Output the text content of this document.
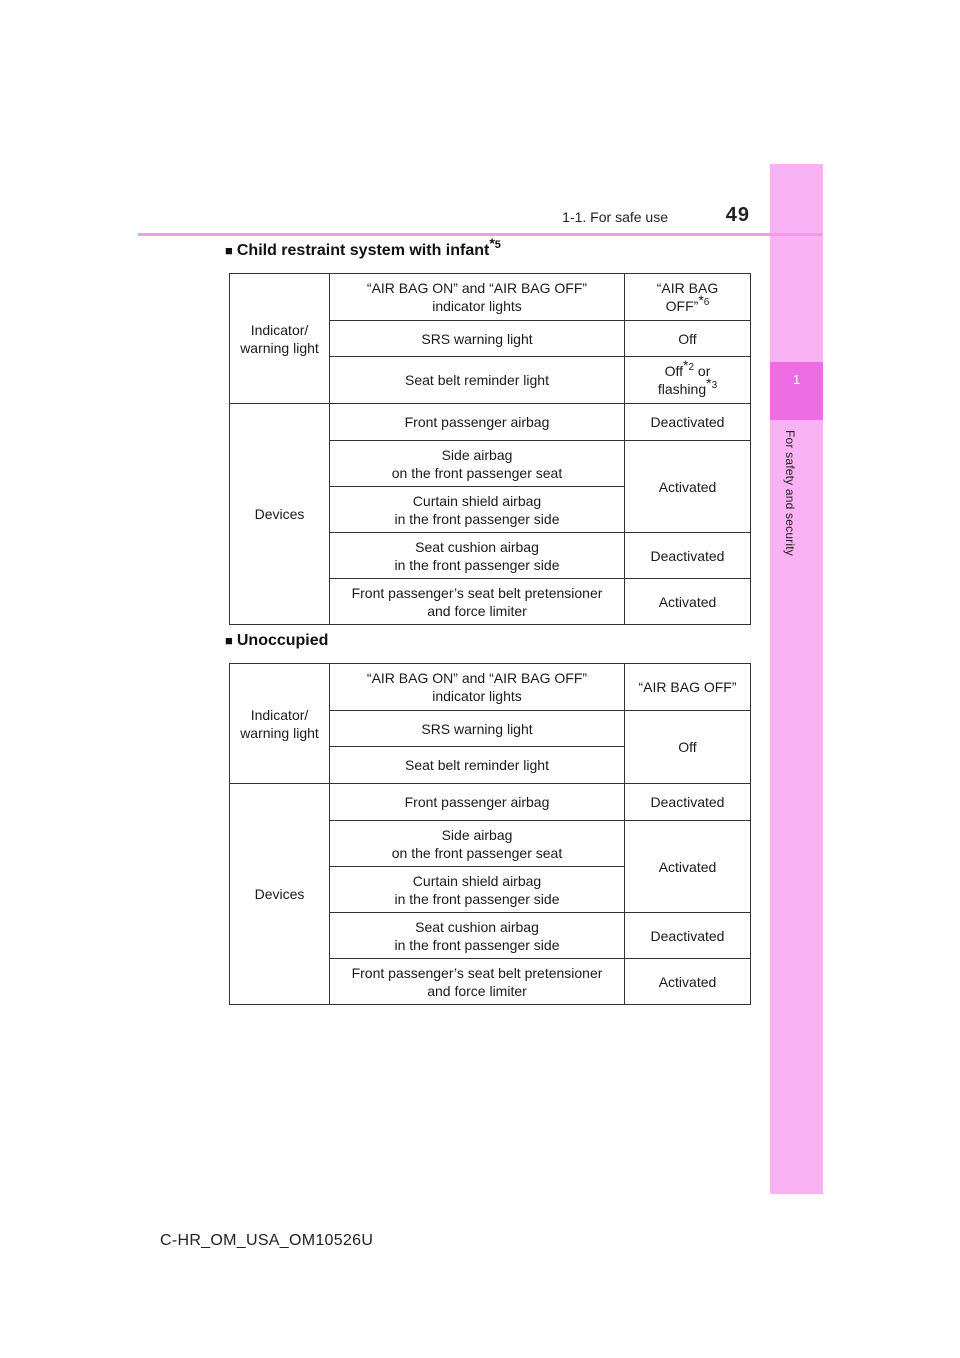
1
For safety and security
1-1. For safe use	49
■ Child restraint system with infant$^{*5}$
Indicator/
warning light	“AIR BAG ON” and “AIR BAG OFF”
indicator lights	“AIR BAG
OFF”$^{*6}$
	SRS warning light	Off
	Seat belt reminder light	Off$^{*2}$ or
flashing$^{*3}$
Devices	Front passenger airbag	Deactivated
	Side airbag
on the front passenger seat	Activated
	Curtain shield airbag
in the front passenger side	
	Seat cushion airbag
in the front passenger side	Deactivated
	Front passenger’s seat belt pretensioner
and force limiter	Activated
■ Unoccupied
Indicator/
warning light	“AIR BAG ON” and “AIR BAG OFF”
indicator lights	“AIR BAG OFF”
	SRS warning light	Off
	Seat belt reminder light	
Devices	Front passenger airbag	Deactivated
	Side airbag
on the front passenger seat	Activated
	Curtain shield airbag
in the front passenger side	
	Seat cushion airbag
in the front passenger side	Deactivated
	Front passenger’s seat belt pretensioner
and force limiter	Activated
C-HR_OM_USA_OM10526U
